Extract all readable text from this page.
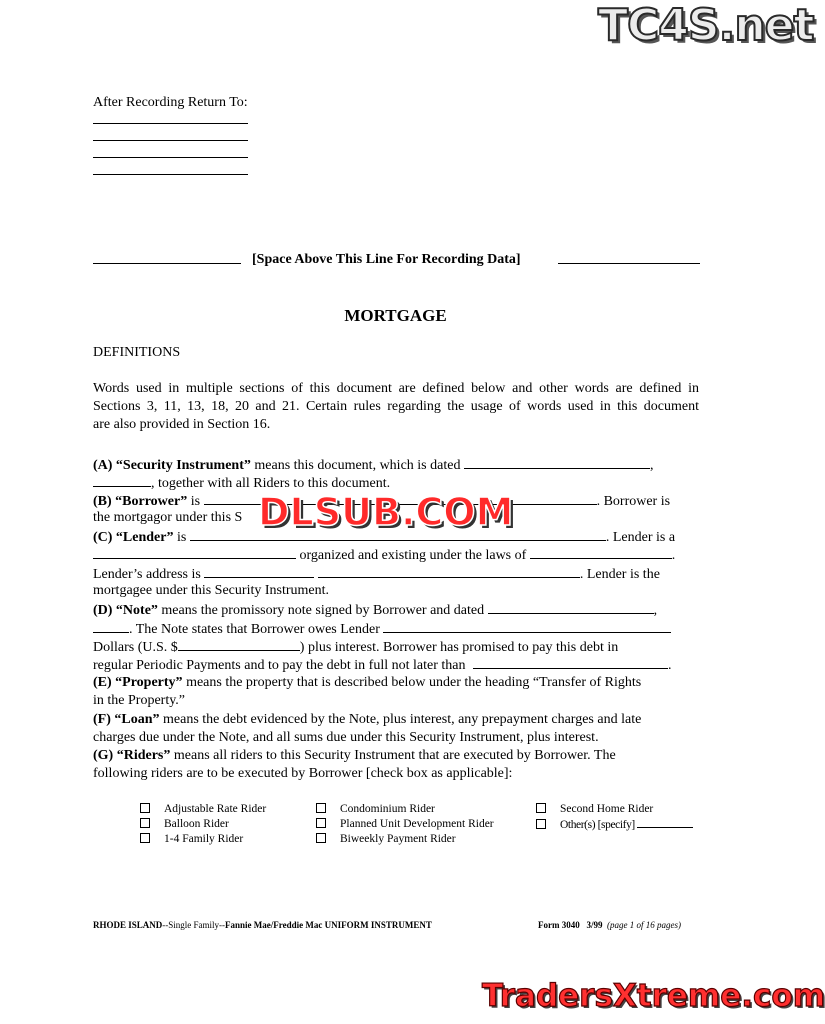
TC4S.net
After Recording Return To:
[Space Above This Line For Recording Data]
MORTGAGE
DEFINITIONS
Words used in multiple sections of this document are defined below and other words are defined in
Sections 3, 11, 13, 18, 20 and 21. Certain rules regarding the usage of words used in this document
are also provided in Section 16.
(A) “Security Instrument” means this document, which is dated	,
, together with all Riders to this document.
(B) “Borrower” is	. Borrower is
the mortgagor under this S
(C) “Lender” is	. Lender is a
organized and existing under the laws of	.
Lender’s address is	. Lender is the
mortgagee under this Security Instrument.
(D) “Note” means the promissory note signed by Borrower and dated	,
. The Note states that Borrower owes Lender
Dollars (U.S. $	) plus interest. Borrower has promised to pay this debt in
regular Periodic Payments and to pay the debt in full not later than	.
(E) “Property” means the property that is described below under the heading “Transfer of Rights
in the Property.”
(F) “Loan” means the debt evidenced by the Note, plus interest, any prepayment charges and late
charges due under the Note, and all sums due under this Security Instrument, plus interest.
(G) “Riders” means all riders to this Security Instrument that are executed by Borrower. The
following riders are to be executed by Borrower [check box as applicable]:
Adjustable Rate Rider	Condominium Rider	Second Home Rider
Balloon Rider	Planned Unit Development Rider	Other(s) [specify]
1-4 Family Rider	Biweekly Payment Rider
RHODE ISLAND--Single Family--Fannie Mae/Freddie Mac UNIFORM INSTRUMENT	Form 3040 3/99 (page 1 of 16 pages)
DLSUB.COM
TradersXtreme.com
